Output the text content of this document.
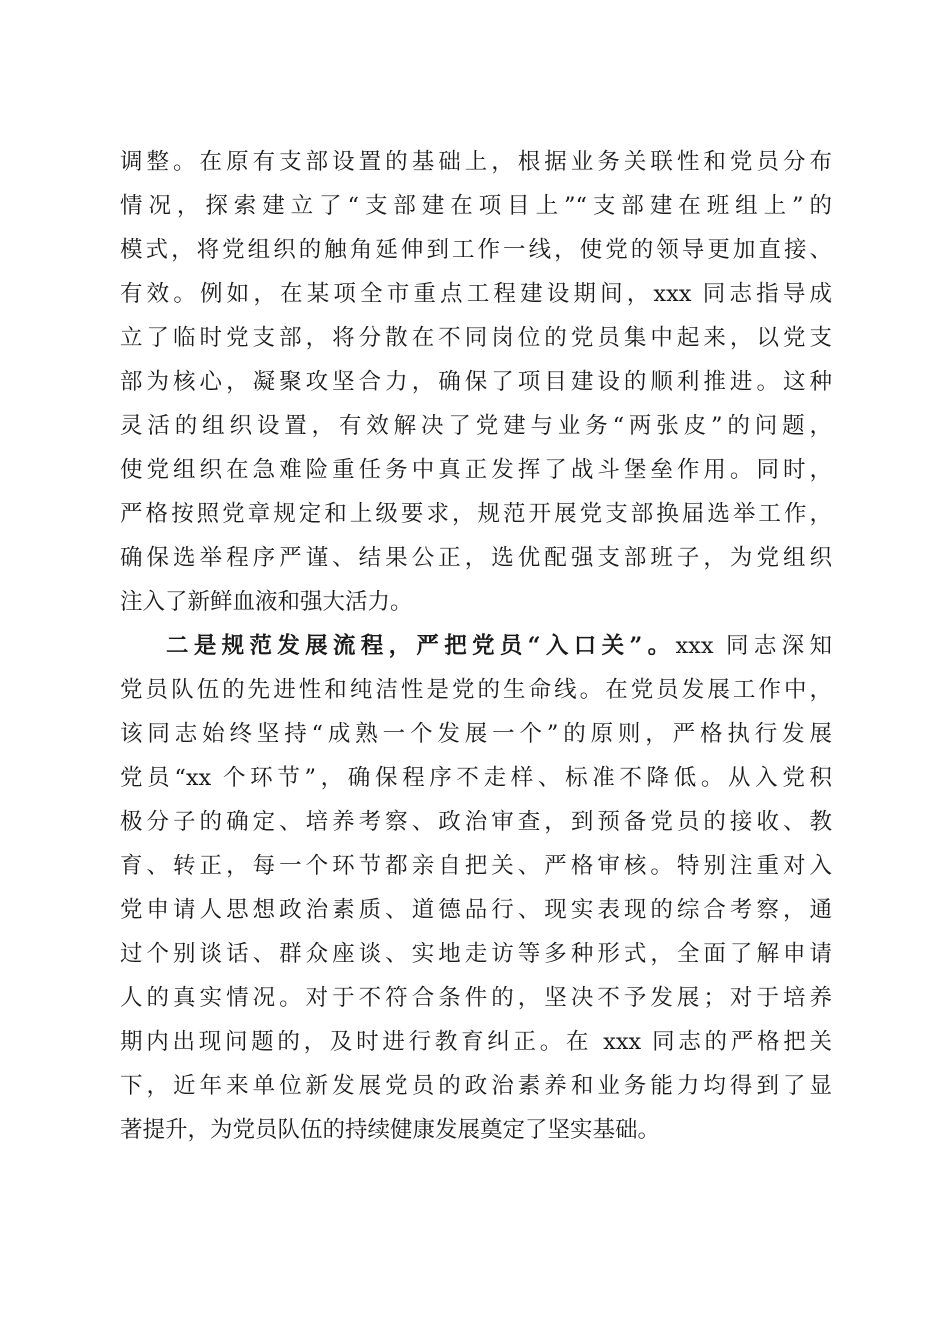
调整。在原有支部设置的基础上，根据业务关联性和党员分布
情况，探索建立了“支部建在项目上”“支部建在班组上”的
模式，将党组织的触角延伸到工作一线，使党的领导更加直接、
有效。例如，在某项全市重点工程建设期间，xxx 同志指导成
立了临时党支部，将分散在不同岗位的党员集中起来，以党支
部为核心，凝聚攻坚合力，确保了项目建设的顺利推进。这种
灵活的组织设置，有效解决了党建与业务“两张皮”的问题，
使党组织在急难险重任务中真正发挥了战斗堡垒作用。同时，
严格按照党章规定和上级要求，规范开展党支部换届选举工作，
确保选举程序严谨、结果公正，选优配强支部班子，为党组织
注入了新鲜血液和强大活力。
二是规范发展流程，严把党员“入口关”。xxx 同志深知
党员队伍的先进性和纯洁性是党的生命线。在党员发展工作中，
该同志始终坚持“成熟一个发展一个”的原则，严格执行发展
党员“xx 个环节”，确保程序不走样、标准不降低。从入党积
极分子的确定、培养考察、政治审查，到预备党员的接收、教
育、转正，每一个环节都亲自把关、严格审核。特别注重对入
党申请人思想政治素质、道德品行、现实表现的综合考察，通
过个别谈话、群众座谈、实地走访等多种形式，全面了解申请
人的真实情况。对于不符合条件的，坚决不予发展；对于培养
期内出现问题的，及时进行教育纠正。在 xxx 同志的严格把关
下，近年来单位新发展党员的政治素养和业务能力均得到了显
著提升，为党员队伍的持续健康发展奠定了坚实基础。
